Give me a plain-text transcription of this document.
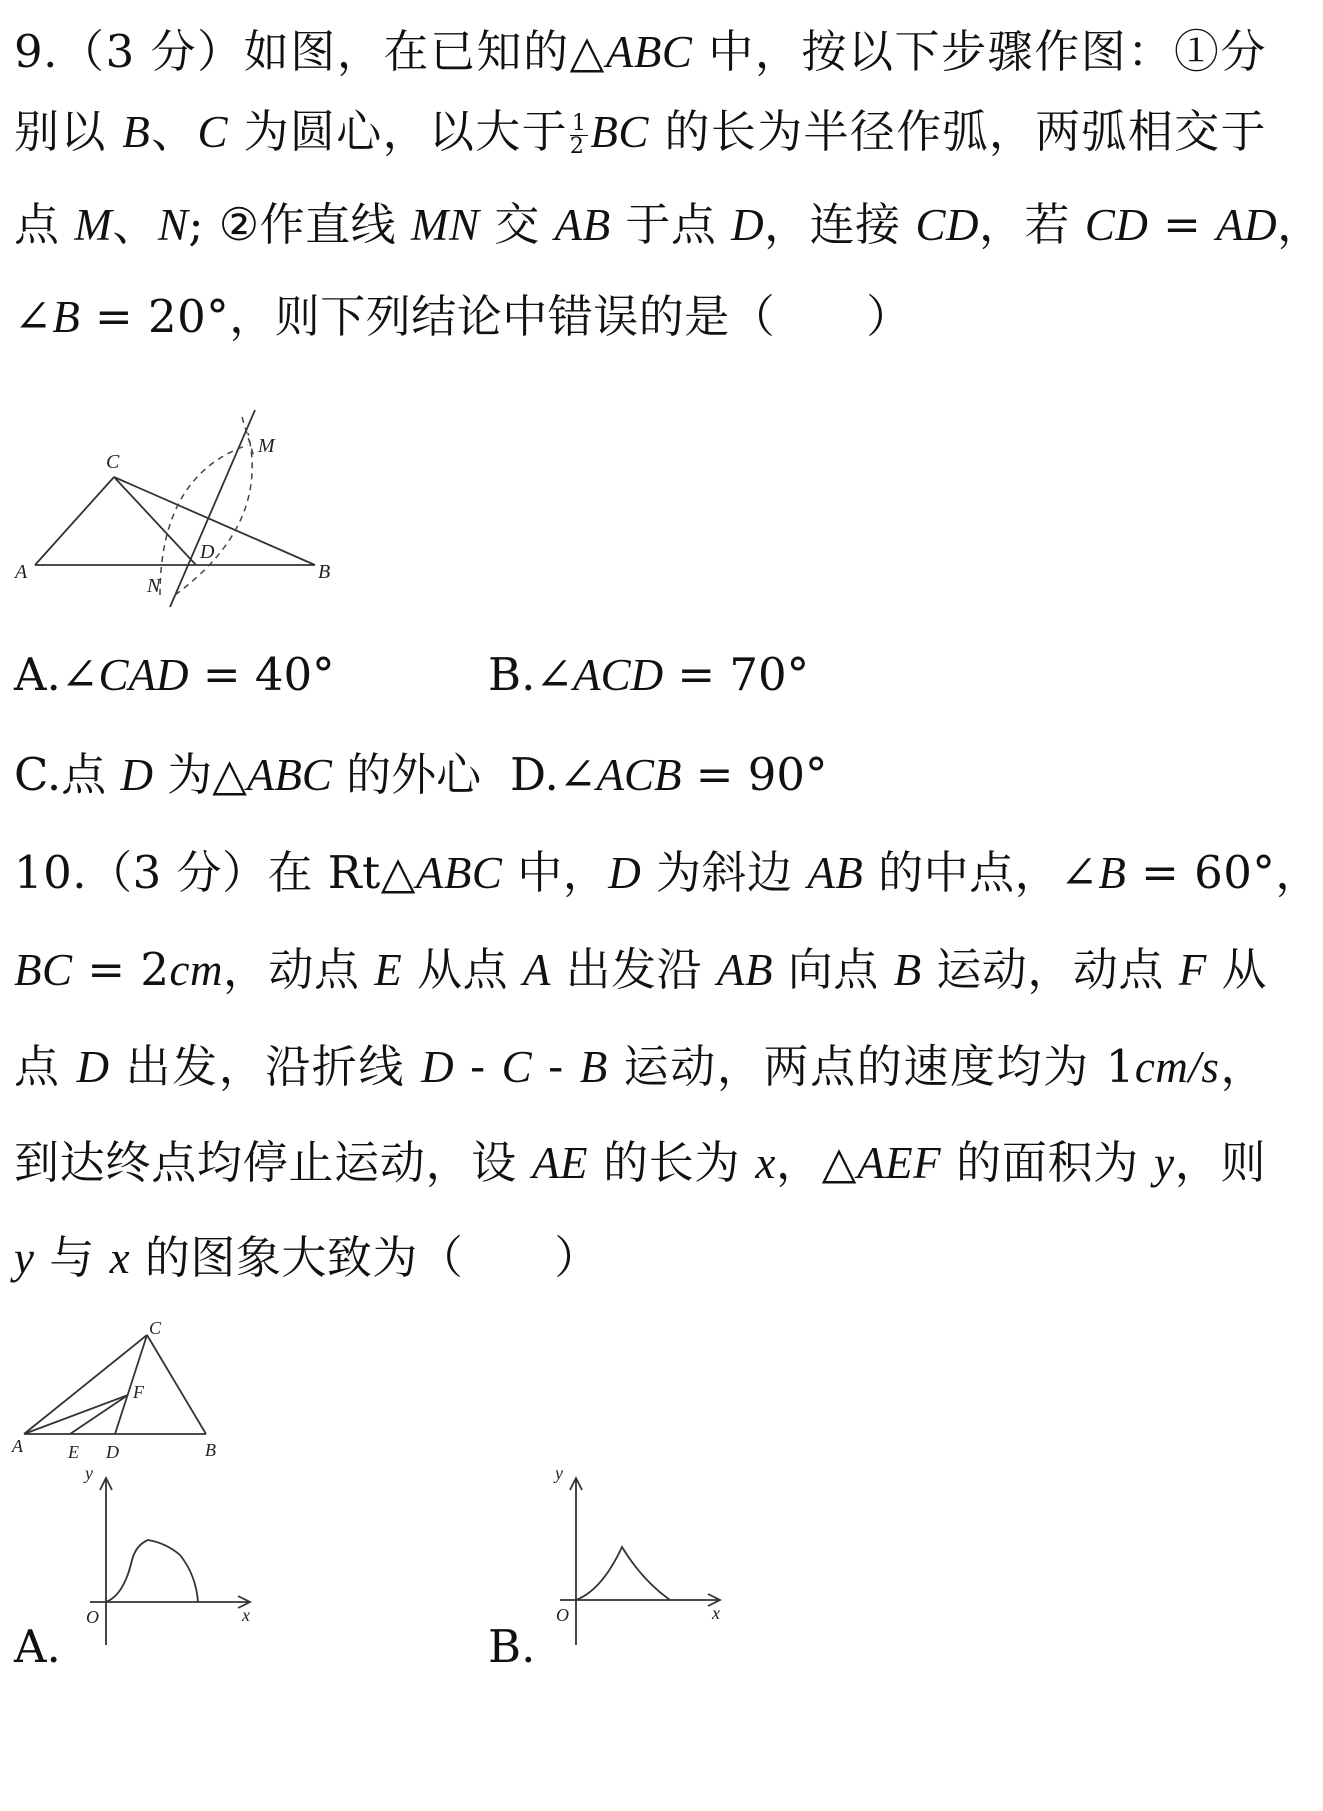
9.（3 分）如图，在已知的△ABC 中，按以下步骤作图：①分
别以 B、C 为圆心，以大于 $\frac{1}{2}$ BC 的长为半径作弧，两弧相交于
点 M、N; ②作直线 MN 交 AB 于点 D，连接 CD，若 CD = AD，
∠B = 20°，则下列结论中错误的是（　　）
A	B
C
D
M
N
A.∠CAD = 40°	B.∠ACD = 70°
C.点 D 为△ABC 的外心 D.∠ACB = 90°
10.（3 分）在 Rt△ABC 中，D 为斜边 AB 的中点，∠B = 60°，
BC = 2cm，动点 E 从点 A 出发沿 AB 向点 B 运动，动点 F 从
点 D 出发，沿折线 D - C - B 运动，两点的速度均为 1cm/s，
到达终点均停止运动，设 AE 的长为 x，△AEF 的面积为 y，则
y 与 x 的图象大致为（　　）
A	E D	B
C
F
A.
y
x
O
B.
y
x
O
